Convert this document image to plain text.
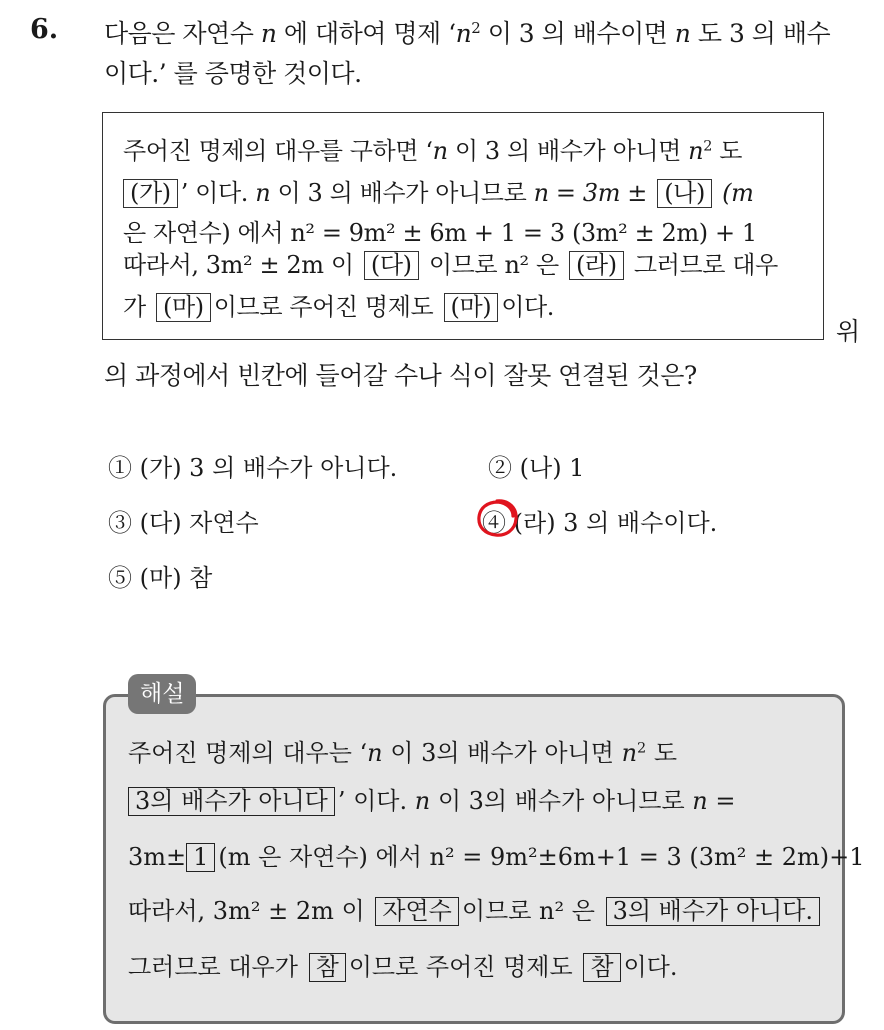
6. 다음은 자연수 n 에 대하여 명제 ‘$n^2$ 이 3 의 배수이면 n 도 3 의 배수
이다.’ 를 증명한 것이다.
주어진 명제의 대우를 구하면 ‘n 이 3 의 배수가 아니면 $n^2$ 도
(가) ’ 이다. n 이 3 의 배수가 아니므로 n = 3m ± (나) (m
은 자연수) 에서 n² = 9m² ± 6m + 1 = 3 (3m² ± 2m) + 1
따라서, 3m² ± 2m 이 (다) 이므로 n² 은 (라) 그러므로 대우
가 (마) 이므로 주어진 명제도 (마) 이다.
위
의 과정에서 빈칸에 들어갈 수나 식이 잘못 연결된 것은?
① (가) 3 의 배수가 아니다.	② (나) 1
③ (다) 자연수	④ (라) 3 의 배수이다.
⑤ (마) 참
주어진 명제의 대우는 ‘n 이 3의 배수가 아니면 $n^2$ 도
3의 배수가 아니다 ’ 이다. n 이 3의 배수가 아니므로 n =
3m± 1 (m 은 자연수) 에서 n² = 9m²±6m+1 = 3 (3m² ± 2m)+1
따라서, 3m² ± 2m 이 자연수 이므로 n² 은 3의 배수가 아니다.
그러므로 대우가 참 이므로 주어진 명제도 참 이다.
해설
